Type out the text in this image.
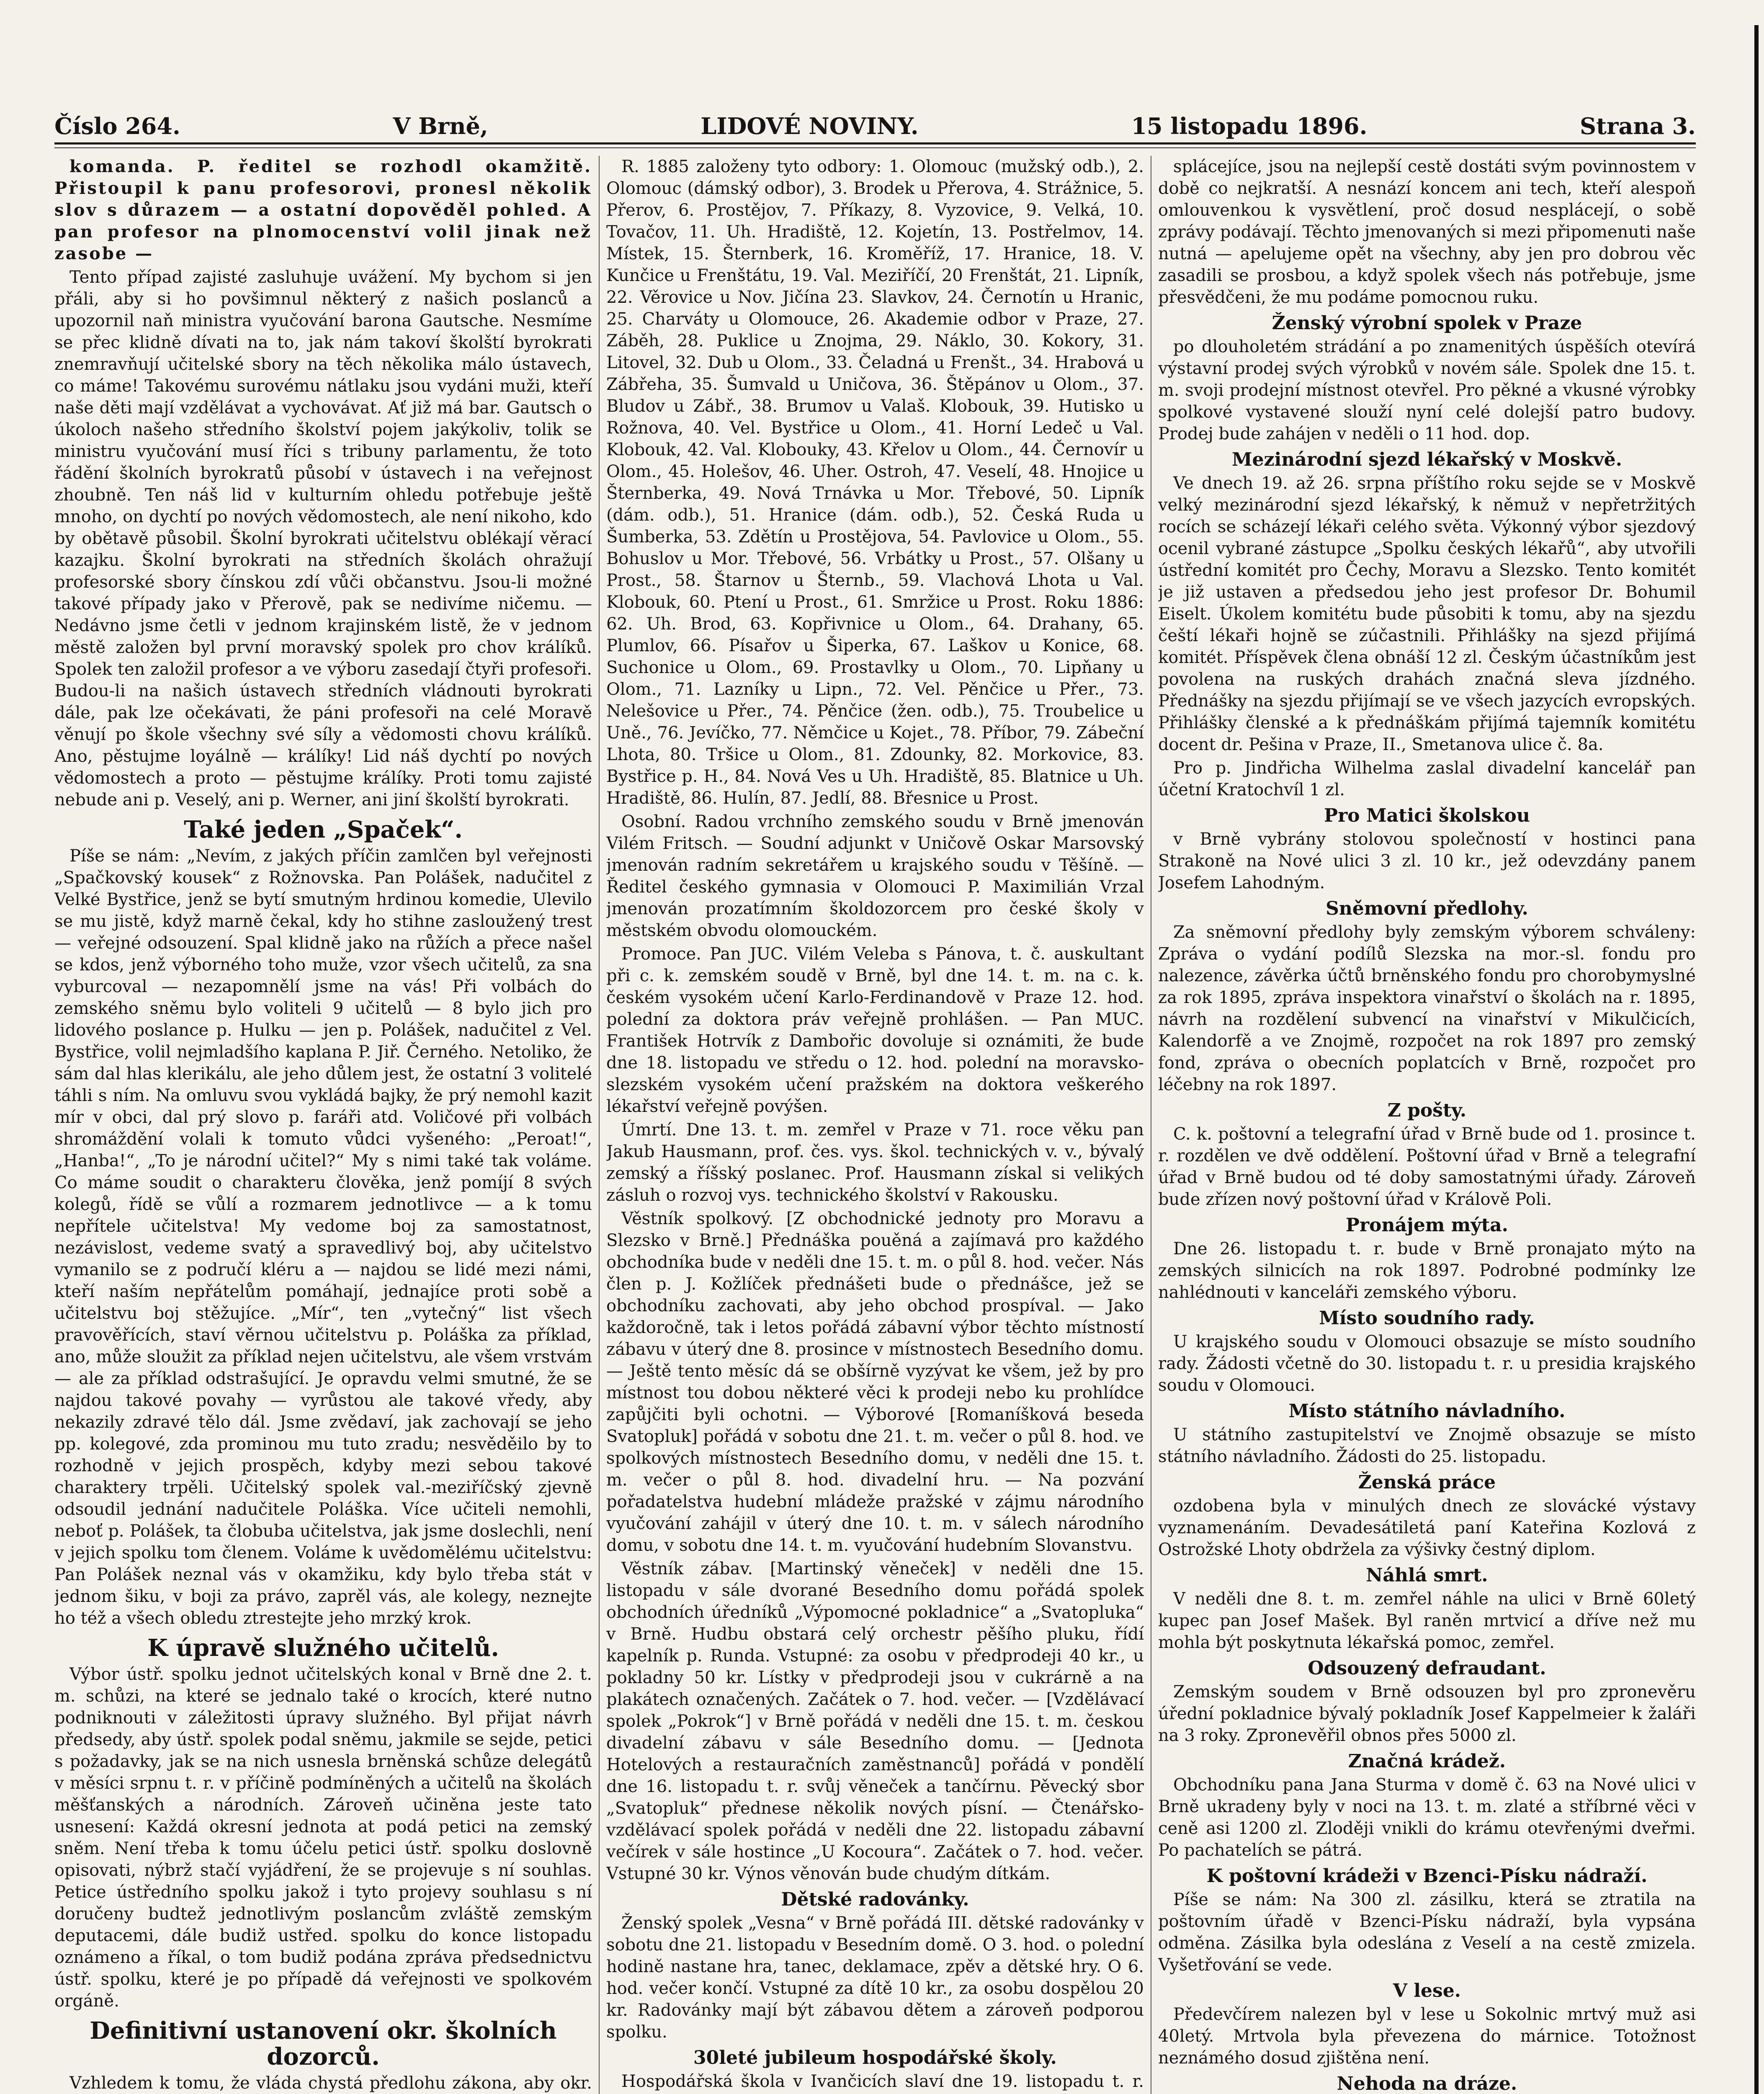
Číslo 264.	V Brně,	LIDOVÉ NOVINY.	15 listopadu 1896.	Strana 3.

komanda. P. ředitel se rozhodl okamžitě. Přistoupil k panu profesorovi, pronesl několik slov s důrazem — a ostatní dopověděl pohled. A pan profesor na plnomocenství volil jinak než zasobe —

Tento případ zajisté zasluhuje uvážení. My bychom si jen přáli, aby si ho povšimnul některý z našich poslanců a upozornil naň ministra vyučování barona Gautsche. Nesmíme se přec klidně dívati na to, jak nám takoví školští byrokrati znemravňují učitelské sbory na těch několika málo ústavech, co máme! Takovému surovému nátlaku jsou vydáni muži, kteří naše děti mají vzdělávat a vychovávat. Ať již má bar. Gautsch o úkoloch našeho středního školství pojem jakýkoliv, tolik se ministru vyučování musí říci s tribuny parlamentu, že toto řádění školních byrokratů působí v ústavech i na veřejnost zhoubně. Ten náš lid v kulturním ohledu potřebuje ještě mnoho, on dychtí po nových vědomostech, ale není nikoho, kdo by obětavě působil. Školní byrokrati učitelstvu oblékají věrací kazajku. Školní byrokrati na středních školách ohražují profesorské sbory čínskou zdí vůči občanstvu. Jsou-li možné takové případy jako v Přerově, pak se nedivíme ničemu. — Nedávno jsme četli v jednom krajinském listě, že v jednom městě založen byl první moravský spolek pro chov králíků. Spolek ten založil profesor a ve výboru zasedají čtyři profesoři. Budou-li na našich ústavech středních vládnouti byrokrati dále, pak lze očekávati, že páni profesoři na celé Moravě věnují po škole všechny své síly a vědomosti chovu králíků. Ano, pěstujme loyálně — králíky! Lid náš dychtí po nových vědomostech a proto — pěstujme králíky. Proti tomu zajisté nebude ani p. Veselý, ani p. Werner, ani jiní školští byrokrati.

Také jeden „Spaček“.

Píše se nám: „Nevím, z jakých příčin zamlčen byl veřejnosti „Spačkovský kousek“ z Rožnovska. Pan Polášek, nadučitel z Velké Bystřice, jenž se bytí smutným hrdinou komedie, Ulevilo se mu jistě, když marně čekal, kdy ho stihne zasloužený trest — veřejné odsouzení. Spal klidně jako na růžích a přece našel se kdos, jenž výborného toho muže, vzor všech učitelů, za sna vyburcoval — nezapomnělí jsme na vás! Při volbách do zemského sněmu bylo voliteli 9 učitelů — 8 bylo jich pro lidového poslance p. Hulku — jen p. Polášek, nadučitel z Vel. Bystřice, volil nejmladšího kaplana P. Jiř. Černého. Netoliko, že sám dal hlas klerikálu, ale jeho důlem jest, že ostatní 3 volitelé táhli s ním. Na omluvu svou vykládá bajky, že prý nemohl kazit mír v obci, dal prý slovo p. faráři atd. Voličové při volbách shromáždění volali k tomuto vůdci vyšeného: „Peroat!“, „Hanba!“, „To je národní učitel?“ My s nimi také tak voláme. Co máme soudit o charakteru člověka, jenž pomíjí 8 svých kolegů, řídě se vůlí a rozmarem jednotlivce — a k tomu nepřítele učitelstva! My vedome boj za samostatnost, nezávislost, vedeme svatý a spravedlivý boj, aby učitelstvo vymanilo se z područí kléru a — najdou se lidé mezi námi, kteří naším nepřátelům pomáhají, jednajíce proti sobě a učitelstvu boj stěžujíce. „Mír“, ten „vytečný“ list všech pravověřících, staví věrnou učitelstvu p. Poláška za příklad, ano, může sloužit za příklad nejen učitelstvu, ale všem vrstvám — ale za příklad odstrašující. Je opravdu velmi smutné, že se najdou takové povahy — vyrůstou ale takové vředy, aby nekazily zdravé tělo dál. Jsme zvědaví, jak zachovají se jeho pp. kolegové, zda prominou mu tuto zradu; nesvěděilo by to rozhodně v jejich prospěch, kdyby mezi sebou takové charaktery trpěli. Učitelský spolek val.-meziříčský zjevně odsoudil jednání nadučitele Poláška. Více učiteli nemohli, neboť p. Polášek, ta člobuba učitelstva, jak jsme doslechli, není v jejich spolku tom členem. Voláme k uvědomělému učitelstvu: Pan Polášek neznal vás v okamžiku, kdy bylo třeba stát v jednom šiku, v boji za právo, zaprěl vás, ale kolegy, neznejte ho též a všech obledu ztrestejte jeho mrzký krok.

K úpravě služného učitelů.

Výbor ústř. spolku jednot učitelských konal v Brně dne 2. t. m. schůzi, na které se jednalo také o krocích, které nutno podniknouti v záležitosti úpravy služného. Byl přijat návrh předsedy, aby ústř. spolek podal sněmu, jakmile se sejde, petici s požadavky, jak se na nich usnesla brněnská schůze delegátů v měsíci srpnu t. r. v příčině podmíněných a učitelů na školách měšťanských a národních. Zároveň učiněna jeste tato usnesení: Každá okresní jednota at podá petici na zemský sněm. Není třeba k tomu účelu petici ústř. spolku doslovně opisovati, nýbrž stačí vyjádření, že se projevuje s ní souhlas. Petice ústředního spolku jakož i tyto projevy souhlasu s ní doručeny budtež jednotlivým poslancům zvláště zemským deputacemi, dále budiž ustřed. spolku do konce listopadu oznámeno a říkal, o tom budiž podána zpráva předsednictvu ústř. spolku, které je po případě dá veřejnosti ve spolkovém orgáně.

Definitivní ustanovení okr. školních dozorců.

Vzhledem k tomu, že vláda chystá předlohu zákona, aby okr.

R. 1885 založeny tyto odbory: 1. Olomouc (mužský odb.), 2. Olomouc (dámský odbor), 3. Brodek u Přerova, 4. Strážnice, 5. Přerov, 6. Prostějov, 7. Příkazy, 8. Vyzovice, 9. Velká, 10. Tovačov, 11. Uh. Hradiště, 12. Kojetín, 13. Postřelmov, 14. Místek, 15. Šternberk, 16. Kroměříž, 17. Hranice, 18. V. Kunčice u Frenštátu, 19. Val. Meziříčí, 20 Frenštát, 21. Lipník, 22. Věrovice u Nov. Jičína 23. Slavkov, 24. Černotín u Hranic, 25. Charváty u Olomouce, 26. Akademie odbor v Praze, 27. Záběh, 28. Puklice u Znojma, 29. Náklo, 30. Kokory, 31. Litovel, 32. Dub u Olom., 33. Čeladná u Frenšt., 34. Hrabová u Zábřeha, 35. Šumvald u Uničova, 36. Štěpánov u Olom., 37. Bludov u Zábř., 38. Brumov u Valaš. Klobouk, 39. Hutisko u Rožnova, 40. Vel. Bystřice u Olom., 41. Horní Ledeč u Val. Klobouk, 42. Val. Klobouky, 43. Křelov u Olom., 44. Černovír u Olom., 45. Holešov, 46. Uher. Ostroh, 47. Veselí, 48. Hnojice u Šternberka, 49. Nová Trnávka u Mor. Třebové, 50. Lipník (dám. odb.), 51. Hranice (dám. odb.), 52. Česká Ruda u Šumberka, 53. Zdětín u Prostějova, 54. Pavlovice u Olom., 55. Bohuslov u Mor. Třebové, 56. Vrbátky u Prost., 57. Olšany u Prost., 58. Štarnov u Šternb., 59. Vlachová Lhota u Val. Klobouk, 60. Ptení u Prost., 61. Smržice u Prost. Roku 1886: 62. Uh. Brod, 63. Kopřivnice u Olom., 64. Drahany, 65. Plumlov, 66. Písařov u Šiperka, 67. Laškov u Konice, 68. Suchonice u Olom., 69. Prostavlky u Olom., 70. Lipňany u Olom., 71. Lazníky u Lipn., 72. Vel. Pěnčice u Přer., 73. Nelešovice u Přer., 74. Pěnčice (žen. odb.), 75. Troubelice u Uně., 76. Jevíčko, 77. Němčice u Kojet., 78. Příbor, 79. Zábeční Lhota, 80. Tršice u Olom., 81. Zdounky, 82. Morkovice, 83. Bystřice p. H., 84. Nová Ves u Uh. Hradiště, 85. Blatnice u Uh. Hradiště, 86. Hulín, 87. Jedlí, 88. Břesnice u Prost.

Osobní. Radou vrchního zemského soudu v Brně jmenován Vilém Fritsch. — Soudní adjunkt v Uničově Oskar Marsovský jmenován radním sekretářem u krajského soudu v Těšíně. — Ředitel českého gymnasia v Olomouci P. Maximilián Vrzal jmenován prozatímním školdozorcem pro české školy v městském obvodu olomouckém.

Promoce. Pan JUC. Vilém Veleba s Pánova, t. č. auskultant při c. k. zemském soudě v Brně, byl dne 14. t. m. na c. k. českém vysokém učení Karlo-Ferdinandově v Praze 12. hod. polední za doktora práv veřejně prohlášen. — Pan MUC. František Hotrvík z Dambořic dovoluje si oznámiti, že bude dne 18. listopadu ve středu o 12. hod. polední na moravsko-slezském vysokém učení pražském na doktora veškerého lékařství veřejně povýšen.

Úmrtí. Dne 13. t. m. zemřel v Praze v 71. roce věku pan Jakub Hausmann, prof. čes. vys. škol. technických v. v., bývalý zemský a říšský poslanec. Prof. Hausmann získal si velikých zásluh o rozvoj vys. technického školství v Rakousku.

Věstník spolkový. [Z obchodnické jednoty pro Moravu a Slezsko v Brně.] Přednáška pouěná a zajímavá pro každého obchodníka bude v neděli dne 15. t. m. o půl 8. hod. večer. Nás člen p. J. Kožlíček přednášeti bude o přednášce, jež se obchodníku zachovati, aby jeho obchod prospíval. — Jako každoročně, tak i letos pořádá zábavní výbor těchto místností zábavu v úterý dne 8. prosince v místnostech Besedního domu. — Ještě tento měsíc dá se obšírně vyzývat ke všem, jež by pro místnost tou dobou některé věci k prodeji nebo ku prohlídce zapůjčiti byli ochotni. — Výborové [Romaníšková beseda Svatopluk] pořádá v sobotu dne 21. t. m. večer o půl 8. hod. ve spolkových místnostech Besedního domu, v neděli dne 15. t. m. večer o půl 8. hod. divadelní hru. — Na pozvání pořadatelstva hudební mládeže pražské v zájmu národního vyučování zahájil v úterý dne 10. t. m. v sálech národního domu, v sobotu dne 14. t. m. vyučování hudebním Slovanstvu.

Věstník zábav. [Martinský věneček] v neděli dne 15. listopadu v sále dvorané Besedního domu pořádá spolek obchodních úředníků „Výpomocné pokladnice“ a „Svatopluka“ v Brně. Hudbu obstará celý orchestr pěšího pluku, řídí kapelník p. Runda. Vstupné: za osobu v předprodeji 40 kr., u pokladny 50 kr. Lístky v předprodeji jsou v cukrárně a na plakátech označených. Začátek o 7. hod. večer. — [Vzdělávací spolek „Pokrok“] v Brně pořádá v neděli dne 15. t. m. českou divadelní zábavu v sále Besedního domu. — [Jednota Hotelových a restauračních zaměstnanců] pořádá v pondělí dne 16. listopadu t. r. svůj věneček a tančírnu. Pěvecký sbor „Svatopluk“ přednese několik nových písní. — Čtenářsko-vzdělávací spolek pořádá v neděli dne 22. listopadu zábavní večírek v sále hostince „U Kocoura“. Začátek o 7. hod. večer. Vstupné 30 kr. Výnos věnován bude chudým dítkám.

Dětské radovánky.

Ženský spolek „Vesna“ v Brně pořádá III. dětské radovánky v sobotu dne 21. listopadu v Besedním domě. O 3. hod. o polední hodině nastane hra, tanec, deklamace, zpěv a dětské hry. O 6. hod. večer končí. Vstupné za dítě 10 kr., za osobu dospělou 20 kr. Radovánky mají být zábavou dětem a zároveň podporou spolku.

30leté jubileum hospodářské školy.

Hospodářská škola v Ivančicích slaví dne 19. listopadu t. r.

splácejíce, jsou na nejlepší cestě dostáti svým povinnostem v době co nejkratší. A nesnází koncem ani tech, kteří alespoň omlouvenkou k vysvětlení, proč dosud nesplácejí, o sobě zprávy podávají. Těchto jmenovaných si mezi připomenuti naše nutná — apelujeme opět na všechny, aby jen pro dobrou věc zasadili se prosbou, a když spolek všech nás potřebuje, jsme přesvědčeni, že mu podáme pomocnou ruku.

Ženský výrobní spolek v Praze

po dlouholetém strádání a po znamenitých úspěších otevírá výstavní prodej svých výrobků v novém sále. Spolek dne 15. t. m. svoji prodejní místnost otevřel. Pro pěkné a vkusné výrobky spolkové vystavené slouží nyní celé dolejší patro budovy. Prodej bude zahájen v neděli o 11 hod. dop.

Mezinárodní sjezd lékařský v Moskvě.

Ve dnech 19. až 26. srpna příštího roku sejde se v Moskvě velký mezinárodní sjezd lékařský, k němuž v nepřetržitých rocích se scházejí lékaři celého světa. Výkonný výbor sjezdový ocenil vybrané zástupce „Spolku českých lékařů“, aby utvořili ústřední komitét pro Čechy, Moravu a Slezsko. Tento komitét je již ustaven a předsedou jeho jest profesor Dr. Bohumil Eiselt. Úkolem komitétu bude působiti k tomu, aby na sjezdu čeští lékaři hojně se zúčastnili. Přihlášky na sjezd přijímá komitét. Příspěvek člena obnáší 12 zl. Českým účastníkům jest povolena na ruských drahách značná sleva jízdného. Přednášky na sjezdu přijímají se ve všech jazycích evropských. Přihlášky členské a k přednáškám přijímá tajemník komitétu docent dr. Pešina v Praze, II., Smetanova ulice č. 8a.

Pro p. Jindřicha Wilhelma zaslal divadelní kancelář pan účetní Kratochvíl 1 zl.

Pro Matici školskou

v Brně vybrány stolovou společností v hostinci pana Strakoně na Nové ulici 3 zl. 10 kr., jež odevzdány panem Josefem Lahodným.

Sněmovní předlohy.

Za sněmovní předlohy byly zemským výborem schváleny: Zpráva o vydání podílů Slezska na mor.-sl. fondu pro nalezence, závěrka účtů brněnského fondu pro chorobymyslné za rok 1895, zpráva inspektora vinařství o školách na r. 1895, návrh na rozdělení subvencí na vinařství v Mikulčicích, Kalendorfě a ve Znojmě, rozpočet na rok 1897 pro zemský fond, zpráva o obecních poplatcích v Brně, rozpočet pro léčebny na rok 1897.

Z pošty.

C. k. poštovní a telegrafní úřad v Brně bude od 1. prosince t. r. rozdělen ve dvě oddělení. Poštovní úřad v Brně a telegrafní úřad v Brně budou od té doby samostatnými úřady. Zároveň bude zřízen nový poštovní úřad v Králově Poli.

Pronájem mýta.

Dne 26. listopadu t. r. bude v Brně pronajato mýto na zemských silnicích na rok 1897. Podrobné podmínky lze nahlédnouti v kanceláři zemského výboru.

Místo soudního rady.

U krajského soudu v Olomouci obsazuje se místo soudního rady. Žádosti včetně do 30. listopadu t. r. u presidia krajského soudu v Olomouci.

Místo státního návladního.

U státního zastupitelství ve Znojmě obsazuje se místo státního návladního. Žádosti do 25. listopadu.

Ženská práce

ozdobena byla v minulých dnech ze slovácké výstavy vyznamenáním. Devadesátiletá paní Kateřina Kozlová z Ostrožské Lhoty obdržela za výšivky čestný diplom.

Náhlá smrt.

V neděli dne 8. t. m. zemřel náhle na ulici v Brně 60letý kupec pan Josef Mašek. Byl raněn mrtvicí a dříve než mu mohla být poskytnuta lékařská pomoc, zemřel.

Odsouzený defraudant.

Zemským soudem v Brně odsouzen byl pro zpronevěru úřední pokladnice bývalý pokladník Josef Kappelmeier k žaláři na 3 roky. Zpronevěřil obnos přes 5000 zl.

Značná krádež.

Obchodníku pana Jana Sturma v domě č. 63 na Nové ulici v Brně ukradeny byly v noci na 13. t. m. zlaté a stříbrné věci v ceně asi 1200 zl. Zloději vnikli do krámu otevřenými dveřmi. Po pachatelích se pátrá.

K poštovní krádeži v Bzenci-Písku nádraží.

Píše se nám: Na 300 zl. zásilku, která se ztratila na poštovním úřadě v Bzenci-Písku nádraží, byla vypsána odměna. Zásilka byla odeslána z Veselí a na cestě zmizela. Vyšetřování se vede.

V lese.

Předevčírem nalezen byl v lese u Sokolnic mrtvý muž asi 40letý. Mrtvola byla převezena do márnice. Totožnost neznámého dosud zjištěna není.

Nehoda na dráze.
